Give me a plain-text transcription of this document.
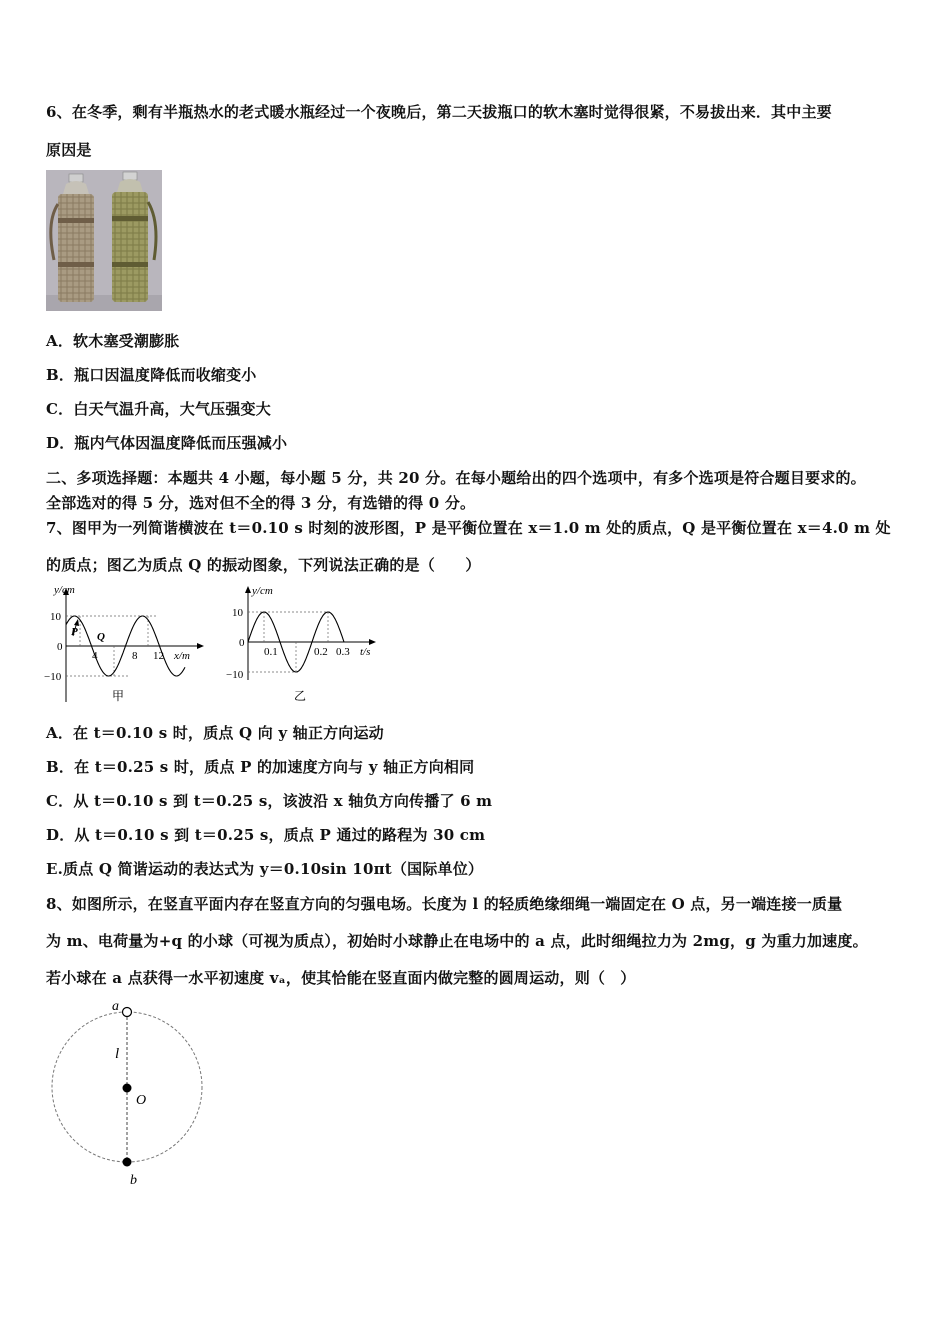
6、在冬季，剩有半瓶热水的老式暖水瓶经过一个夜晚后，第二天拔瓶口的软木塞时觉得很紧，不易拔出来．其中主要
原因是
A．软木塞受潮膨胀
B．瓶口因温度降低而收缩变小
C．白天气温升高，大气压强变大
D．瓶内气体因温度降低而压强减小
二、多项选择题：本题共 4 小题，每小题 5 分，共 20 分。在每小题给出的四个选项中，有多个选项是符合题目要求的。
全部选对的得 5 分，选对但不全的得 3 分，有选错的得 0 分。
7、图甲为一列简谐横波在 t＝0.10 s 时刻的波形图，P 是平衡位置在 x＝1.0 m 处的质点，Q 是平衡位置在 x＝4.0 m 处
的质点；图乙为质点 Q 的振动图象，下列说法正确的是（　　）
y/cm
10
0
−10
4	8 12 x/m
P Q
甲
y/cm
10
0
−10
0.1	0.2 0.3 t/s
乙
A．在 t＝0.10 s 时，质点 Q 向 y 轴正方向运动
B．在 t＝0.25 s 时，质点 P 的加速度方向与 y 轴正方向相同
C．从 t＝0.10 s 到 t＝0.25 s，该波沿 x 轴负方向传播了 6 m
D．从 t＝0.10 s 到 t＝0.25 s，质点 P 通过的路程为 30 cm
E.质点 Q 简谐运动的表达式为 y＝0.10sin 10πt（国际单位）
8、如图所示，在竖直平面内存在竖直方向的匀强电场。长度为 l 的轻质绝缘细绳一端固定在 O 点，另一端连接一质量
为 m、电荷量为+q 的小球（可视为质点），初始时小球静止在电场中的 a 点，此时细绳拉力为 2mg，g 为重力加速度。
若小球在 a 点获得一水平初速度 vₐ，使其恰能在竖直面内做完整的圆周运动，则（　）
a
l
O
b
